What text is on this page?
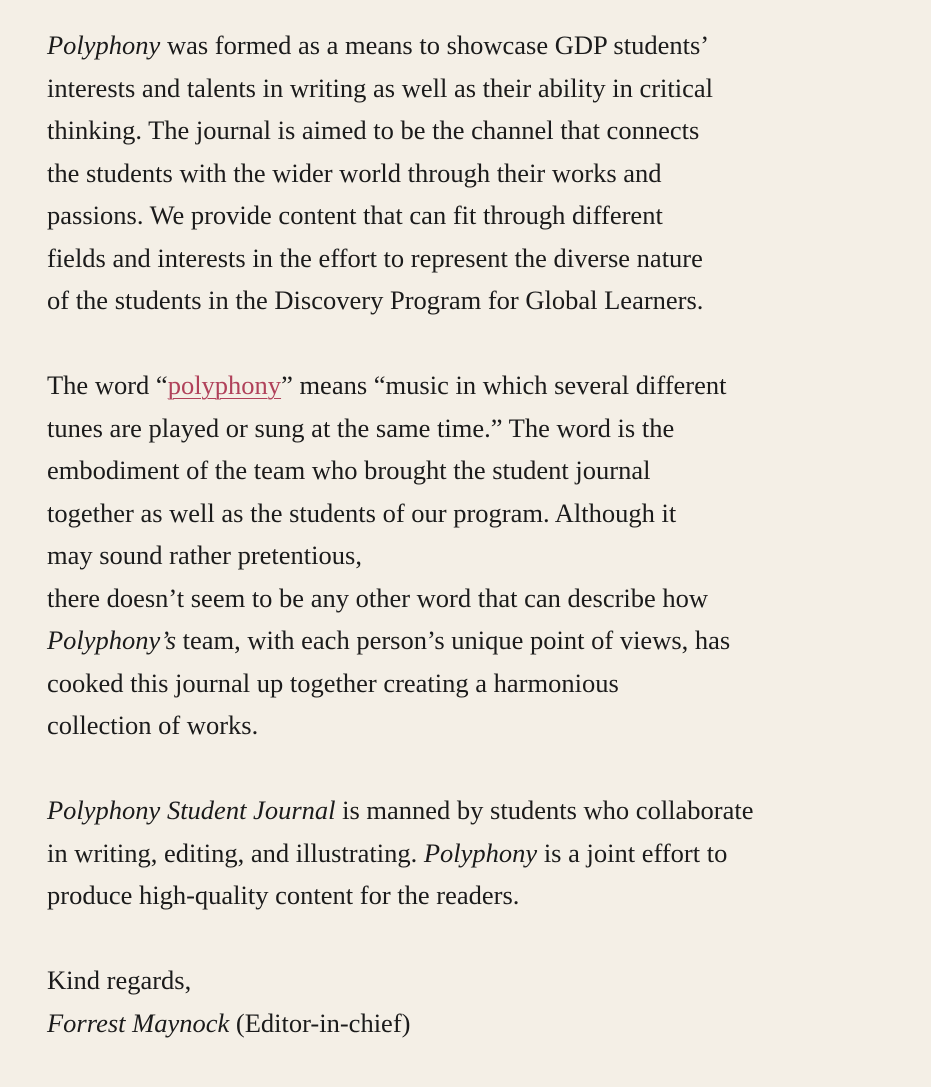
Polyphony was formed as a means to showcase GDP students’
interests and talents in writing as well as their ability in critical
thinking. The journal is aimed to be the channel that connects
the students with the wider world through their works and
passions. We provide content that can fit through different
fields and interests in the effort to represent the diverse nature
of the students in the Discovery Program for Global Learners.

The word “polyphony” means “music in which several different
tunes are played or sung at the same time.” The word is the
embodiment of the team who brought the student journal
together as well as the students of our program. Although it
may sound rather pretentious,
there doesn’t seem to be any other word that can describe how
Polyphony’s team, with each person’s unique point of views, has
cooked this journal up together creating a harmonious
collection of works.

Polyphony Student Journal is manned by students who collaborate
in writing, editing, and illustrating. Polyphony is a joint effort to
produce high-quality content for the readers.

Kind regards,
Forrest Maynock (Editor-in-chief)
